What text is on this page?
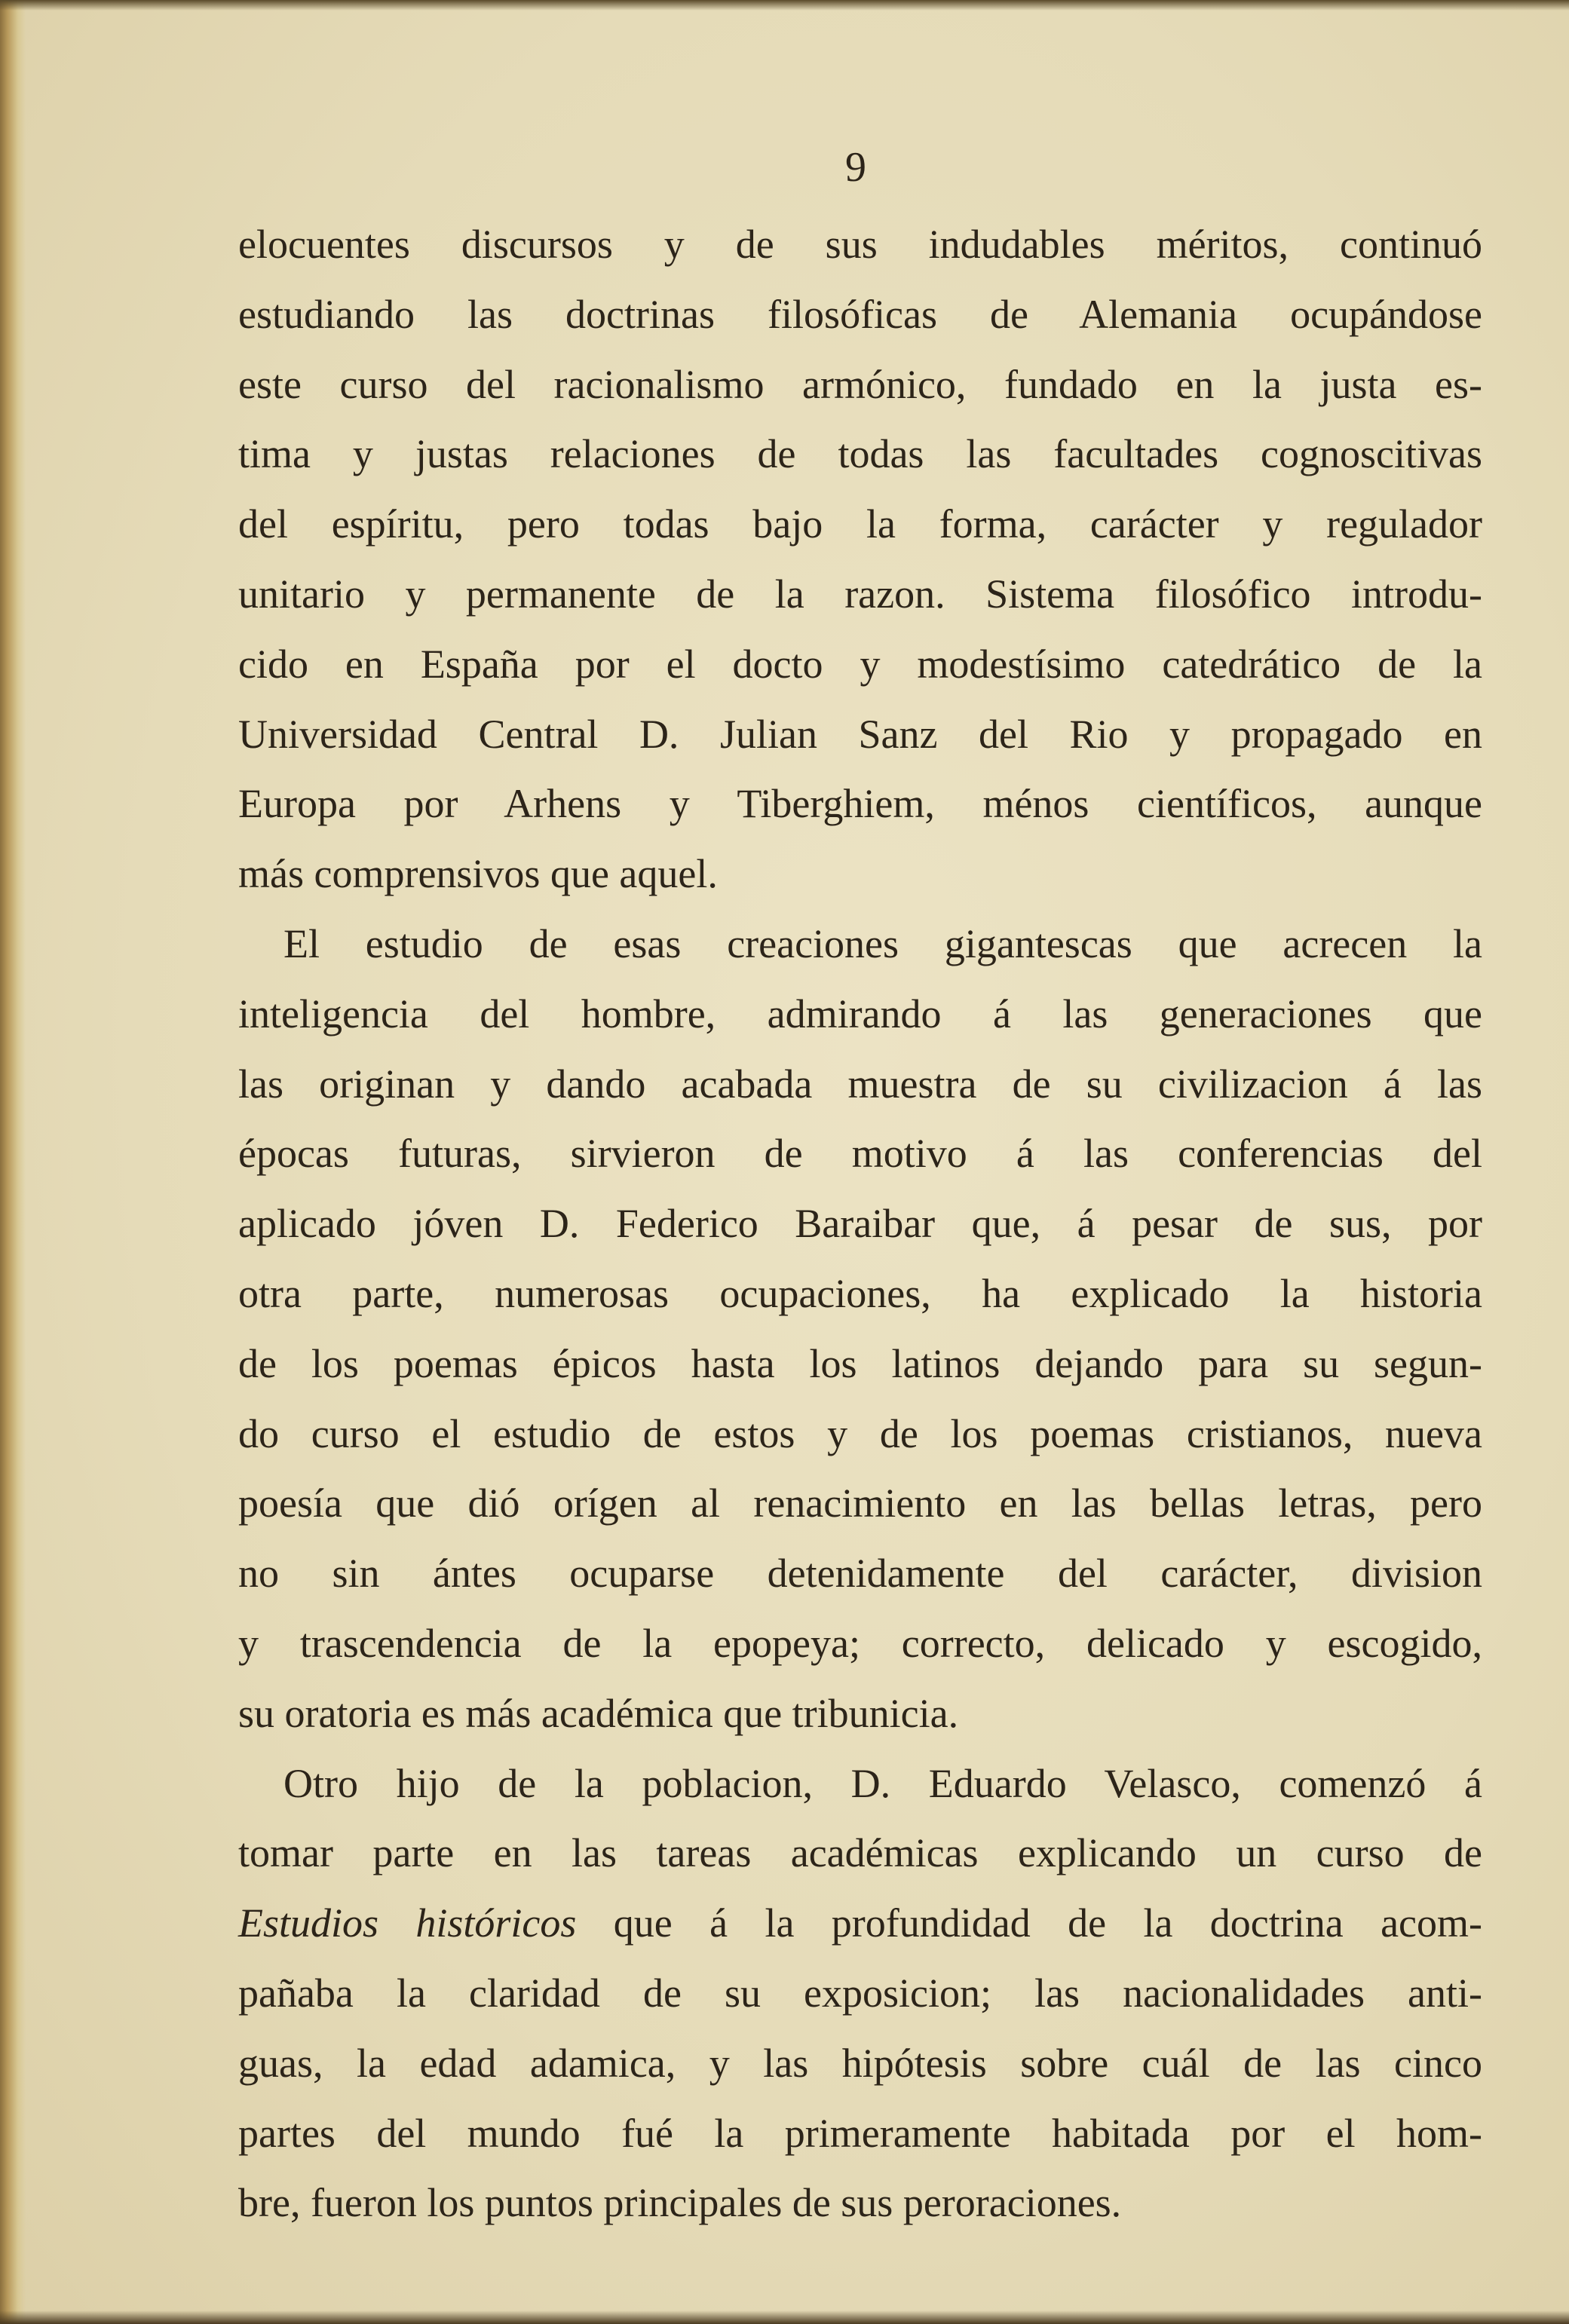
9
elocuentes discursos y de sus indudables méritos, continuó
estudiando las doctrinas filosóficas de Alemania ocupándose
este curso del racionalismo armónico, fundado en la justa es-
tima y justas relaciones de todas las facultades cognoscitivas
del espíritu, pero todas bajo la forma, carácter y regulador
unitario y permanente de la razon. Sistema filosófico introdu-
cido en España por el docto y modestísimo catedrático de la
Universidad Central D. Julian Sanz del Rio y propagado en
Europa por Arhens y Tiberghiem, ménos científicos, aunque
más comprensivos que aquel.
El estudio de esas creaciones gigantescas que acrecen la
inteligencia del hombre, admirando á las generaciones que
las originan y dando acabada muestra de su civilizacion á las
épocas futuras, sirvieron de motivo á las conferencias del
aplicado jóven D. Federico Baraibar que, á pesar de sus, por
otra parte, numerosas ocupaciones, ha explicado la historia
de los poemas épicos hasta los latinos dejando para su segun-
do curso el estudio de estos y de los poemas cristianos, nueva
poesía que dió orígen al renacimiento en las bellas letras, pero
no sin ántes ocuparse detenidamente del carácter, division
y trascendencia de la epopeya; correcto, delicado y escogido,
su oratoria es más académica que tribunicia.
Otro hijo de la poblacion, D. Eduardo Velasco, comenzó á
tomar parte en las tareas académicas explicando un curso de
Estudios históricos que á la profundidad de la doctrina acom-
pañaba la claridad de su exposicion; las nacionalidades anti-
guas, la edad adamica, y las hipótesis sobre cuál de las cinco
partes del mundo fué la primeramente habitada por el hom-
bre, fueron los puntos principales de sus peroraciones.
